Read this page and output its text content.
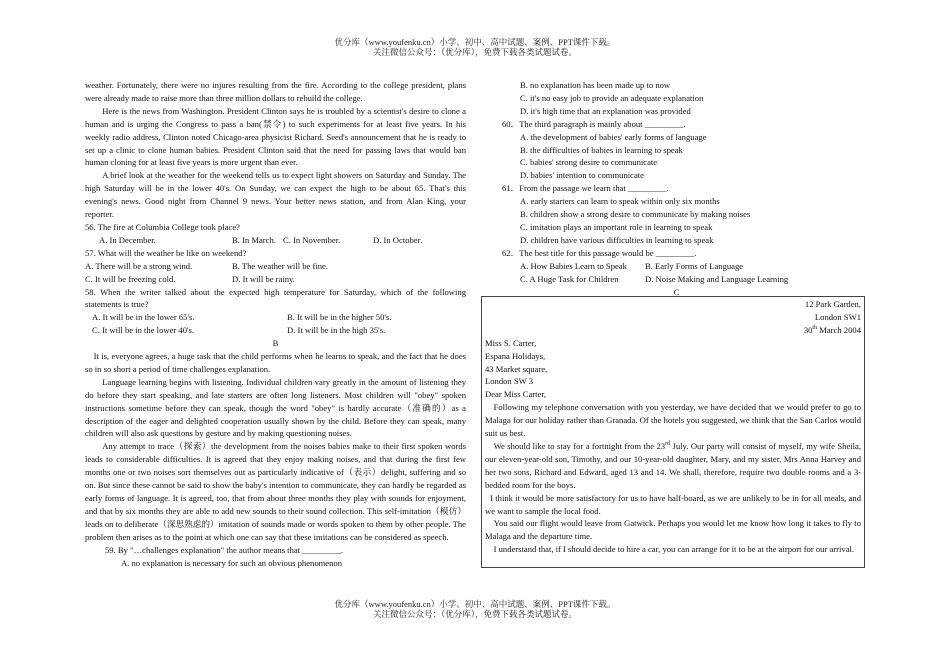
优分库（www.youfenku.cn）小学、初中、高中试题、案例、PPT课件下载。
关注微信公众号：（优分库），免费下载各类试题试卷。

weather. Fortunately, there were no injures resulting from the fire. According to the college president, plans were already made to raise more than three million dollars to rebuild the college.

Here is the news from Washington. President Clinton says he is troubled by a scientist's desire to clone a human and is urging the Congress to pass a ban(禁令) to such experiments for at least five years. In his weekly radio address, Clinton noted Chicago-area physicist Richard. Seed's announcement that he is ready to set up a clinic to clone human babies. President Clinton said that the need for passing laws that would ban human cloning for at least five years is more urgent than ever.

A brief look at the weather for the weekend tells us to expect light showers on Saturday and Sunday. The high Saturday will be in the lower 40's. On Sunday, we can expect the high to be about 65. That's this evening's news. Good night from Channel 9 news. Your better news station, and from Alan King, your reporter.

56. The fire at Columbia College took place?
A. In December.	B. In March. C. In November.	D. In October.
57. What will the weather be like on weekend?
A. There will be a strong wind.	B. The weather will be fine.
C. It will be freezing cold.	D. It will be rainy.

58. When the writer talked about the expected high temperature for Saturday, which of the following statements is true?

A. It will be in the lower 65's.	B. It will be in the higher 50's.
C. It will be in the lower 40's.	D. It will be in the high 35's.
B

It is, everyone agrees, a huge task that the child performs when he learns to speak, and the fact that he does so in so short a period of time challenges explanation.

Language learning begins with listening. Individual children vary greatly in the amount of listening they do before they start speaking, and late starters are often long listeners. Most children will "obey" spoken instructions sometime before they can speak, though the word "obey" is hardly accurate（准确的）as a description of the eager and delighted cooperation usually shown by the child. Before they can speak, many children will also ask questions by gesture and by making questioning noises.

Any attempt to trace（探索）the development from the noises babies make to their first spoken words leads to considerable difficulties. It is agreed that they enjoy making noises, and that during the first few months one or two noises sort themselves out as particularly indicative of（表示）delight, suffering and so on. But since these cannot be said to show the baby's intention to communicate, they can hardly be regarded as early forms of language. It is agreed, too, that from about three months they play with sounds for enjoyment, and that by six months they are able to add new sounds to their sound collection. This self-imitation（模仿）leads on to deliberate（深思熟虑的）imitation of sounds made or words spoken to them by other people. The problem then arises as to the point at which one can say that these imitations can be considered as speech.

59. By "…challenges explanation" the author means that _________.
A. no explanation is necessary for such an obvious phenomenon
B. no explanation has been made up to now
C. it's no easy job to provide an adequate explanation
D. it's high time that an explanation was provided
60．The third paragraph is mainly about _________.
A. the development of babies' early forms of language
B. the difficulties of babies in learning to speak
C. babies' strong desire to communicate
D. babies' intention to communicate
61．From the passage we learn that _________.
A. early starters can learn to speak within only six months
B. children show a strong desire to communicate by making noises
C. imitation plays an important role in learning to speak
D. children have various difficulties in learning to speak
62．The best title for this passage would be _________.
A. How Babies Learn to Speak	B. Early Forms of Language
C. A Huge Task for Children	D. Noise Making and Language Learning
C
12 Park Garden,
London SW1
30th March 2004
Miss S. Carter,
Espana Holidays,
43 Market square,
London SW 3
Dear Miss Carter,

Following my telephone conversation with you yesterday, we have decided that we would prefer to go to Malaga for our holiday rather than Granada. Of the hotels you suggested, we think that the San Carlos would suit us best.

We should like to stay for a fortnight from the 23rd July. Our party will consist of myself, my wife Sheila, our eleven-year-old son, Timothy, and our 10-year-old daughter, Mary, and my sister, Mrs Anna Harvey and her two sons, Richard and Edward, aged 13 and 14. We shall, therefore, require two double rooms and a 3-bedded room for the boys.

I think it would be more satisfactory for us to have half-board, as we are unlikely to be in for all meals, and we want to sample the local food.

You said our flight would leave from Gatwick. Perhaps you would let me know how long it takes to fly to Malaga and the departure time.

I understand that, if I should decide to hire a car, you can arrange for it to be at the airport for our arrival.

优分库（www.youfenku.cn）小学、初中、高中试题、案例、PPT课件下载。
关注微信公众号：（优分库），免费下载各类试题试卷。
